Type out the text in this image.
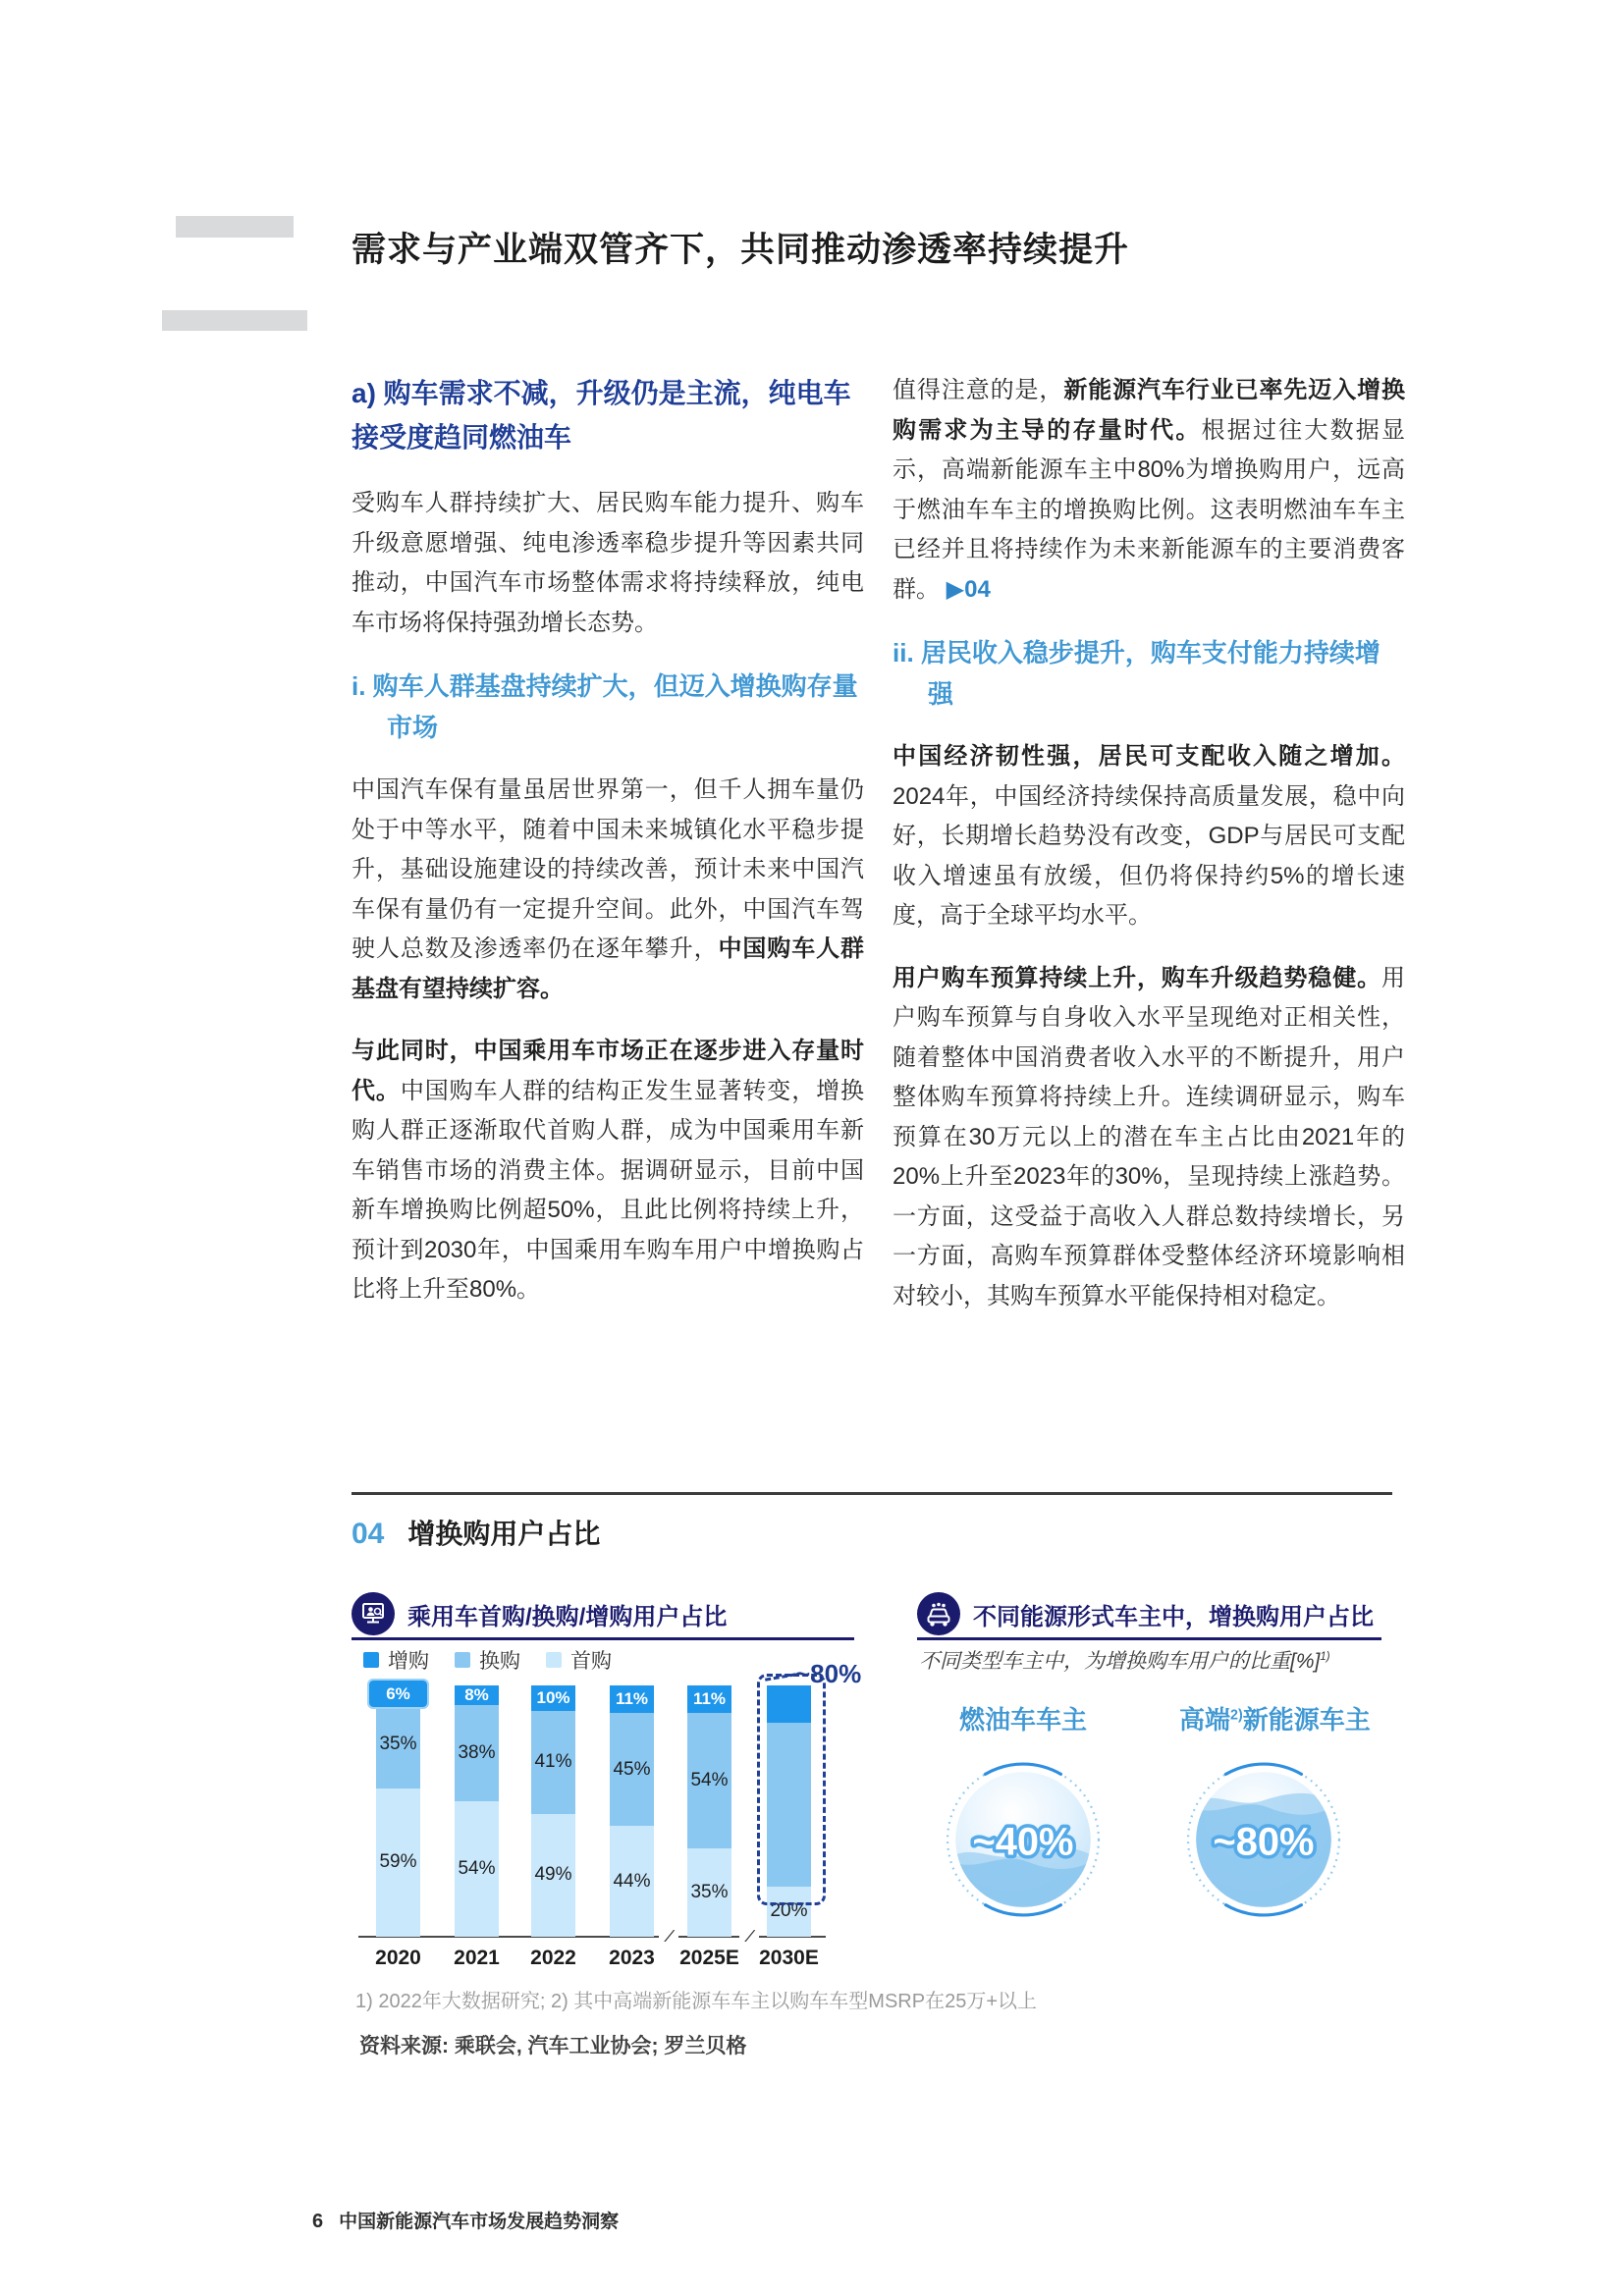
需求与产业端双管齐下，共同推动渗透率持续提升
a) 购车需求不减，升级仍是主流，纯电车接受度趋同燃油车

受购车人群持续扩大、居民购车能力提升、购车升级意愿增强、纯电渗透率稳步提升等因素共同推动，中国汽车市场整体需求将持续释放，纯电车市场将保持强劲增长态势。

i. 购车人群基盘持续扩大，但迈入增换购存量市场

中国汽车保有量虽居世界第一，但千人拥车量仍处于中等水平，随着中国未来城镇化水平稳步提升，基础设施建设的持续改善，预计未来中国汽车保有量仍有一定提升空间。此外，中国汽车驾驶人总数及渗透率仍在逐年攀升，中国购车人群基盘有望持续扩容。

与此同时，中国乘用车市场正在逐步进入存量时代。中国购车人群的结构正发生显著转变，增换购人群正逐渐取代首购人群，成为中国乘用车新车销售市场的消费主体。据调研显示，目前中国新车增换购比例超50%，且此比例将持续上升，预计到2030年，中国乘用车购车用户中增换购占比将上升至80%。

值得注意的是，新能源汽车行业已率先迈入增换购需求为主导的存量时代。根据过往大数据显示，高端新能源车主中80%为增换购用户，远高于燃油车车主的增换购比例。这表明燃油车车主已经并且将持续作为未来新能源车的主要消费客群。 ▶04

ii. 居民收入稳步提升，购车支付能力持续增强

中国经济韧性强，居民可支配收入随之增加。2024年，中国经济持续保持高质量发展，稳中向好，长期增长趋势没有改变，GDP与居民可支配收入增速虽有放缓，但仍将保持约5%的增长速度，高于全球平均水平。

用户购车预算持续上升，购车升级趋势稳健。用户购车预算与自身收入水平呈现绝对正相关性，随着整体中国消费者收入水平的不断提升，用户整体购车预算将持续上升。连续调研显示，购车预算在30万元以上的潜在车主占比由2021年的20%上升至2023年的30%，呈现持续上涨趋势。一方面，这受益于高收入人群总数持续增长，另一方面，高购车预算群体受整体经济环境影响相对较小，其购车预算水平能保持相对稳定。

04 增换购用户占比
乘用车首购/换购/增购用户占比
增购 换购 首购
6%
35%
59%
2020
8%
38%
54%
2021
10%
41%
49%
2022
11%
45%
44%
2023
11%
54%
35%
2025E
20%
2030E
~80%
不同能源形式车主中，增换购用户占比
不同类型车主中，为增换购车用户的比重[%]$^{1)}$
燃油车车主
~40%
高端$^{2)}$新能源车主
~80%
1) 2022年大数据研究; 2) 其中高端新能源车车主以购车车型MSRP在25万+以上
资料来源: 乘联会, 汽车工业协会; 罗兰贝格
6 中国新能源汽车市场发展趋势洞察
